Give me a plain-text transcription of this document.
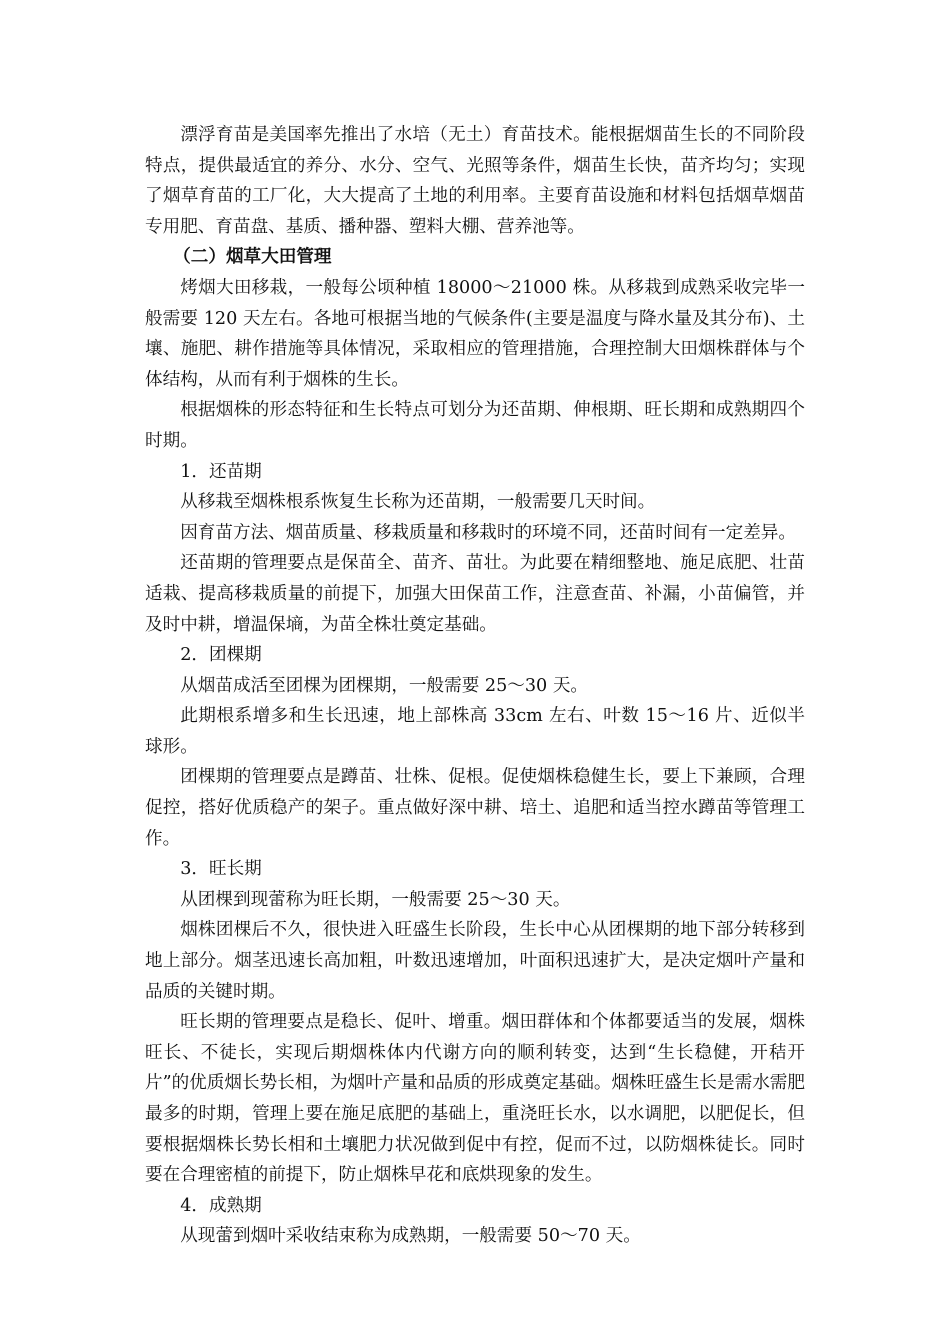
漂浮育苗是美国率先推出了水培（无土）育苗技术。能根据烟苗生长的不同阶段特点，提供最适宜的养分、水分、空气、光照等条件，烟苗生长快，苗齐均匀；实现了烟草育苗的工厂化，大大提高了土地的利用率。主要育苗设施和材料包括烟草烟苗专用肥、育苗盘、基质、播种器、塑料大棚、营养池等。

（二）烟草大田管理

烤烟大田移栽，一般每公顷种植 18000～21000 株。从移栽到成熟采收完毕一般需要 120 天左右。各地可根据当地的气候条件(主要是温度与降水量及其分布)、土壤、施肥、耕作措施等具体情况，采取相应的管理措施，合理控制大田烟株群体与个体结构，从而有利于烟株的生长。

根据烟株的形态特征和生长特点可划分为还苗期、伸根期、旺长期和成熟期四个时期。

1．还苗期

从移栽至烟株根系恢复生长称为还苗期，一般需要几天时间。

因育苗方法、烟苗质量、移栽质量和移栽时的环境不同，还苗时间有一定差异。

还苗期的管理要点是保苗全、苗齐、苗壮。为此要在精细整地、施足底肥、壮苗适栽、提高移栽质量的前提下，加强大田保苗工作，注意查苗、补漏，小苗偏管，并及时中耕，增温保墒，为苗全株壮奠定基础。

2．团棵期

从烟苗成活至团棵为团棵期，一般需要 25～30 天。

此期根系增多和生长迅速，地上部株高 33cm 左右、叶数 15～16 片、近似半球形。

团棵期的管理要点是蹲苗、壮株、促根。促使烟株稳健生长，要上下兼顾，合理促控，搭好优质稳产的架子。重点做好深中耕、培土、追肥和适当控水蹲苗等管理工作。

3．旺长期

从团棵到现蕾称为旺长期，一般需要 25～30 天。

烟株团棵后不久，很快进入旺盛生长阶段，生长中心从团棵期的地下部分转移到地上部分。烟茎迅速长高加粗，叶数迅速增加，叶面积迅速扩大，是决定烟叶产量和品质的关键时期。

旺长期的管理要点是稳长、促叶、增重。烟田群体和个体都要适当的发展，烟株旺长、不徒长，实现后期烟株体内代谢方向的顺利转变，达到“生长稳健，开秸开片”的优质烟长势长相，为烟叶产量和品质的形成奠定基础。烟株旺盛生长是需水需肥最多的时期，管理上要在施足底肥的基础上，重浇旺长水，以水调肥，以肥促长，但要根据烟株长势长相和土壤肥力状况做到促中有控，促而不过，以防烟株徒长。同时要在合理密植的前提下，防止烟株早花和底烘现象的发生。

4．成熟期

从现蕾到烟叶采收结束称为成熟期，一般需要 50～70 天。
